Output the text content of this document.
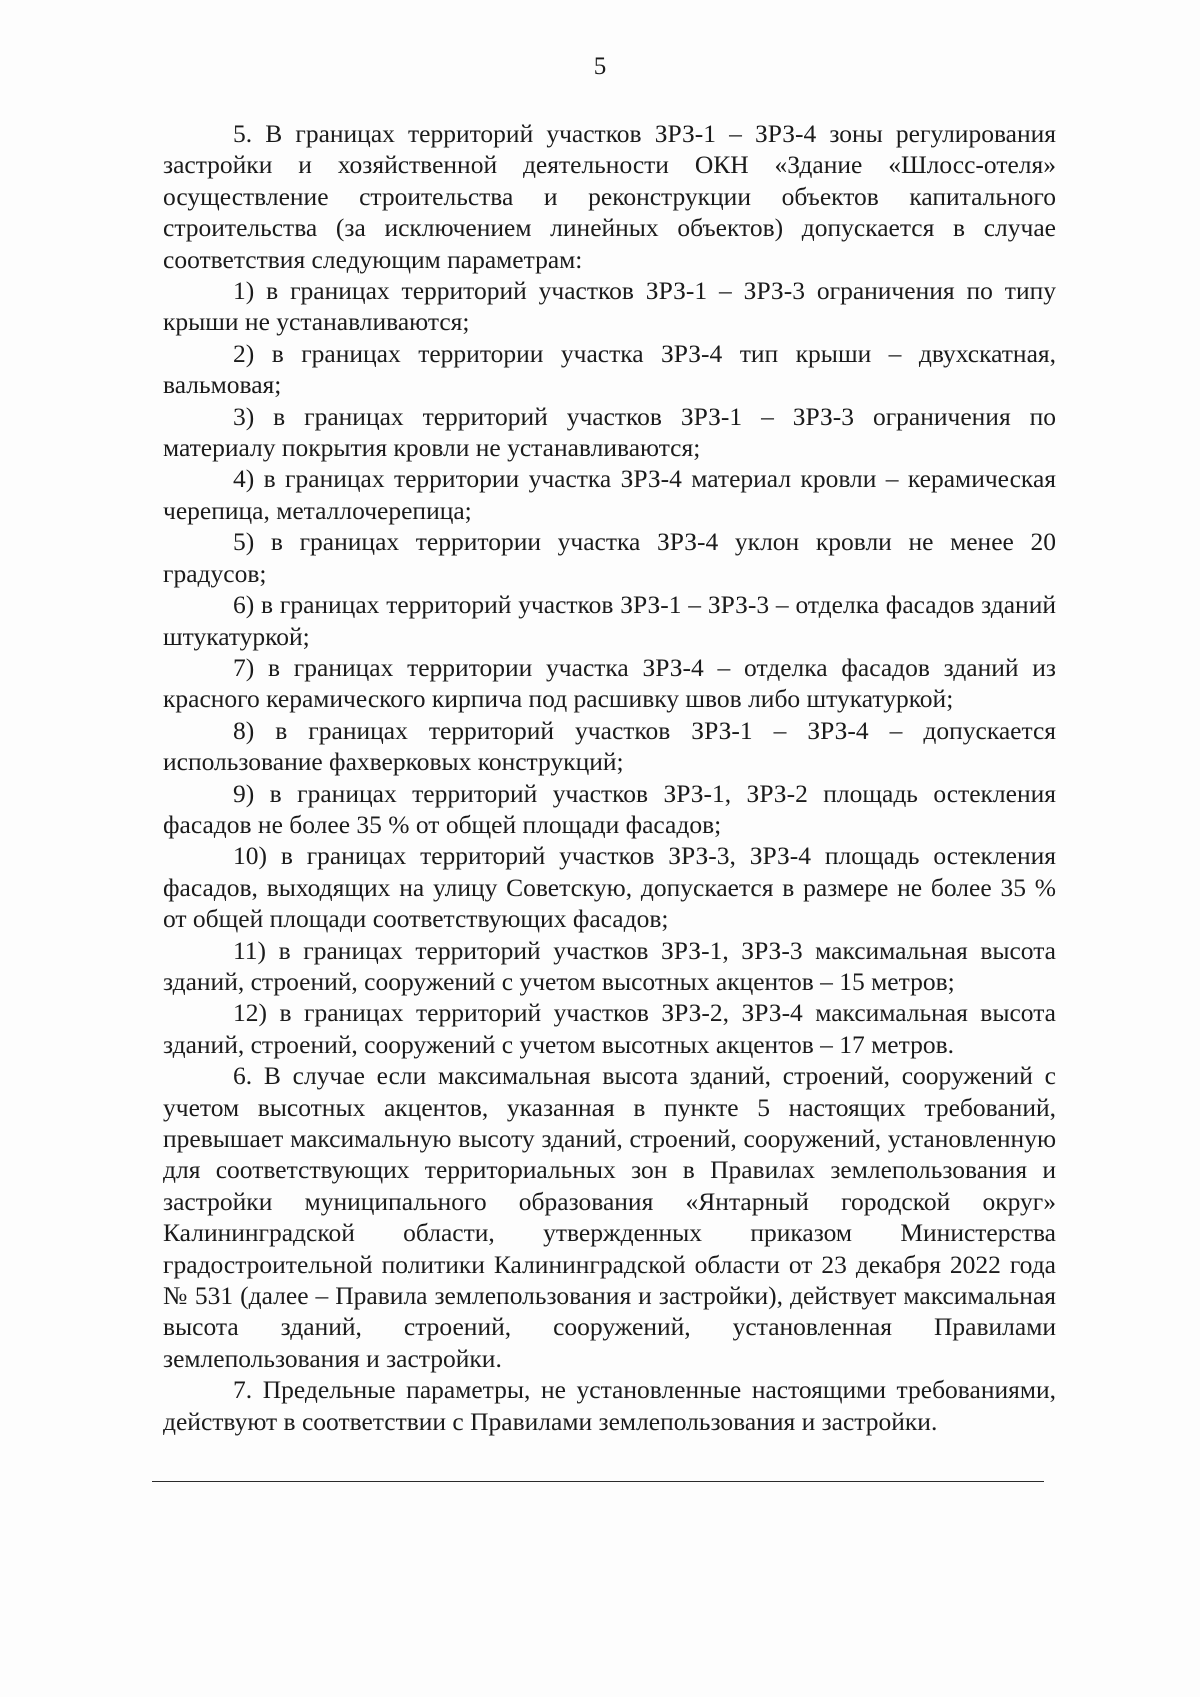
5

5. В границах территорий участков ЗРЗ-1 – ЗРЗ-4 зоны регулирования застройки и хозяйственной деятельности ОКН «Здание «Шлосс-отеля» осуществление строительства и реконструкции объектов капитального строительства (за исключением линейных объектов) допускается в случае соответствия следующим параметрам:

1) в границах территорий участков ЗРЗ-1 – ЗРЗ-3 ограничения по типу крыши не устанавливаются;

2) в границах территории участка ЗРЗ-4 тип крыши – двухскатная, вальмовая;

3) в границах территорий участков ЗРЗ-1 – ЗРЗ-3 ограничения по материалу покрытия кровли не устанавливаются;

4) в границах территории участка ЗРЗ-4 материал кровли – керамическая черепица, металлочерепица;

5) в границах территории участка ЗРЗ-4 уклон кровли не менее 20 градусов;

6) в границах территорий участков ЗРЗ-1 – ЗРЗ-3 – отделка фасадов зданий штукатуркой;

7) в границах территории участка ЗРЗ-4 – отделка фасадов зданий из красного керамического кирпича под расшивку швов либо штукатуркой;

8) в границах территорий участков ЗРЗ-1 – ЗРЗ-4 – допускается использование фахверковых конструкций;

9) в границах территорий участков ЗРЗ-1, ЗРЗ-2 площадь остекления фасадов не более 35 % от общей площади фасадов;

10) в границах территорий участков ЗРЗ-3, ЗРЗ-4 площадь остекления фасадов, выходящих на улицу Советскую, допускается в размере не более 35 % от общей площади соответствующих фасадов;

11) в границах территорий участков ЗРЗ-1, ЗРЗ-3 максимальная высота зданий, строений, сооружений с учетом высотных акцентов – 15 метров;

12) в границах территорий участков ЗРЗ-2, ЗРЗ-4 максимальная высота зданий, строений, сооружений с учетом высотных акцентов – 17 метров.

6. В случае если максимальная высота зданий, строений, сооружений с учетом высотных акцентов, указанная в пункте 5 настоящих требований, превышает максимальную высоту зданий, строений, сооружений, установленную для соответствующих территориальных зон в Правилах землепользования и застройки муниципального образования «Янтарный городской округ» Калининградской области, утвержденных приказом Министерства градостроительной политики Калининградской области от 23 декабря 2022 года № 531 (далее – Правила землепользования и застройки), действует максимальная высота зданий, строений, сооружений, установленная Правилами землепользования и застройки.

7. Предельные параметры, не установленные настоящими требованиями, действуют в соответствии с Правилами землепользования и застройки.
